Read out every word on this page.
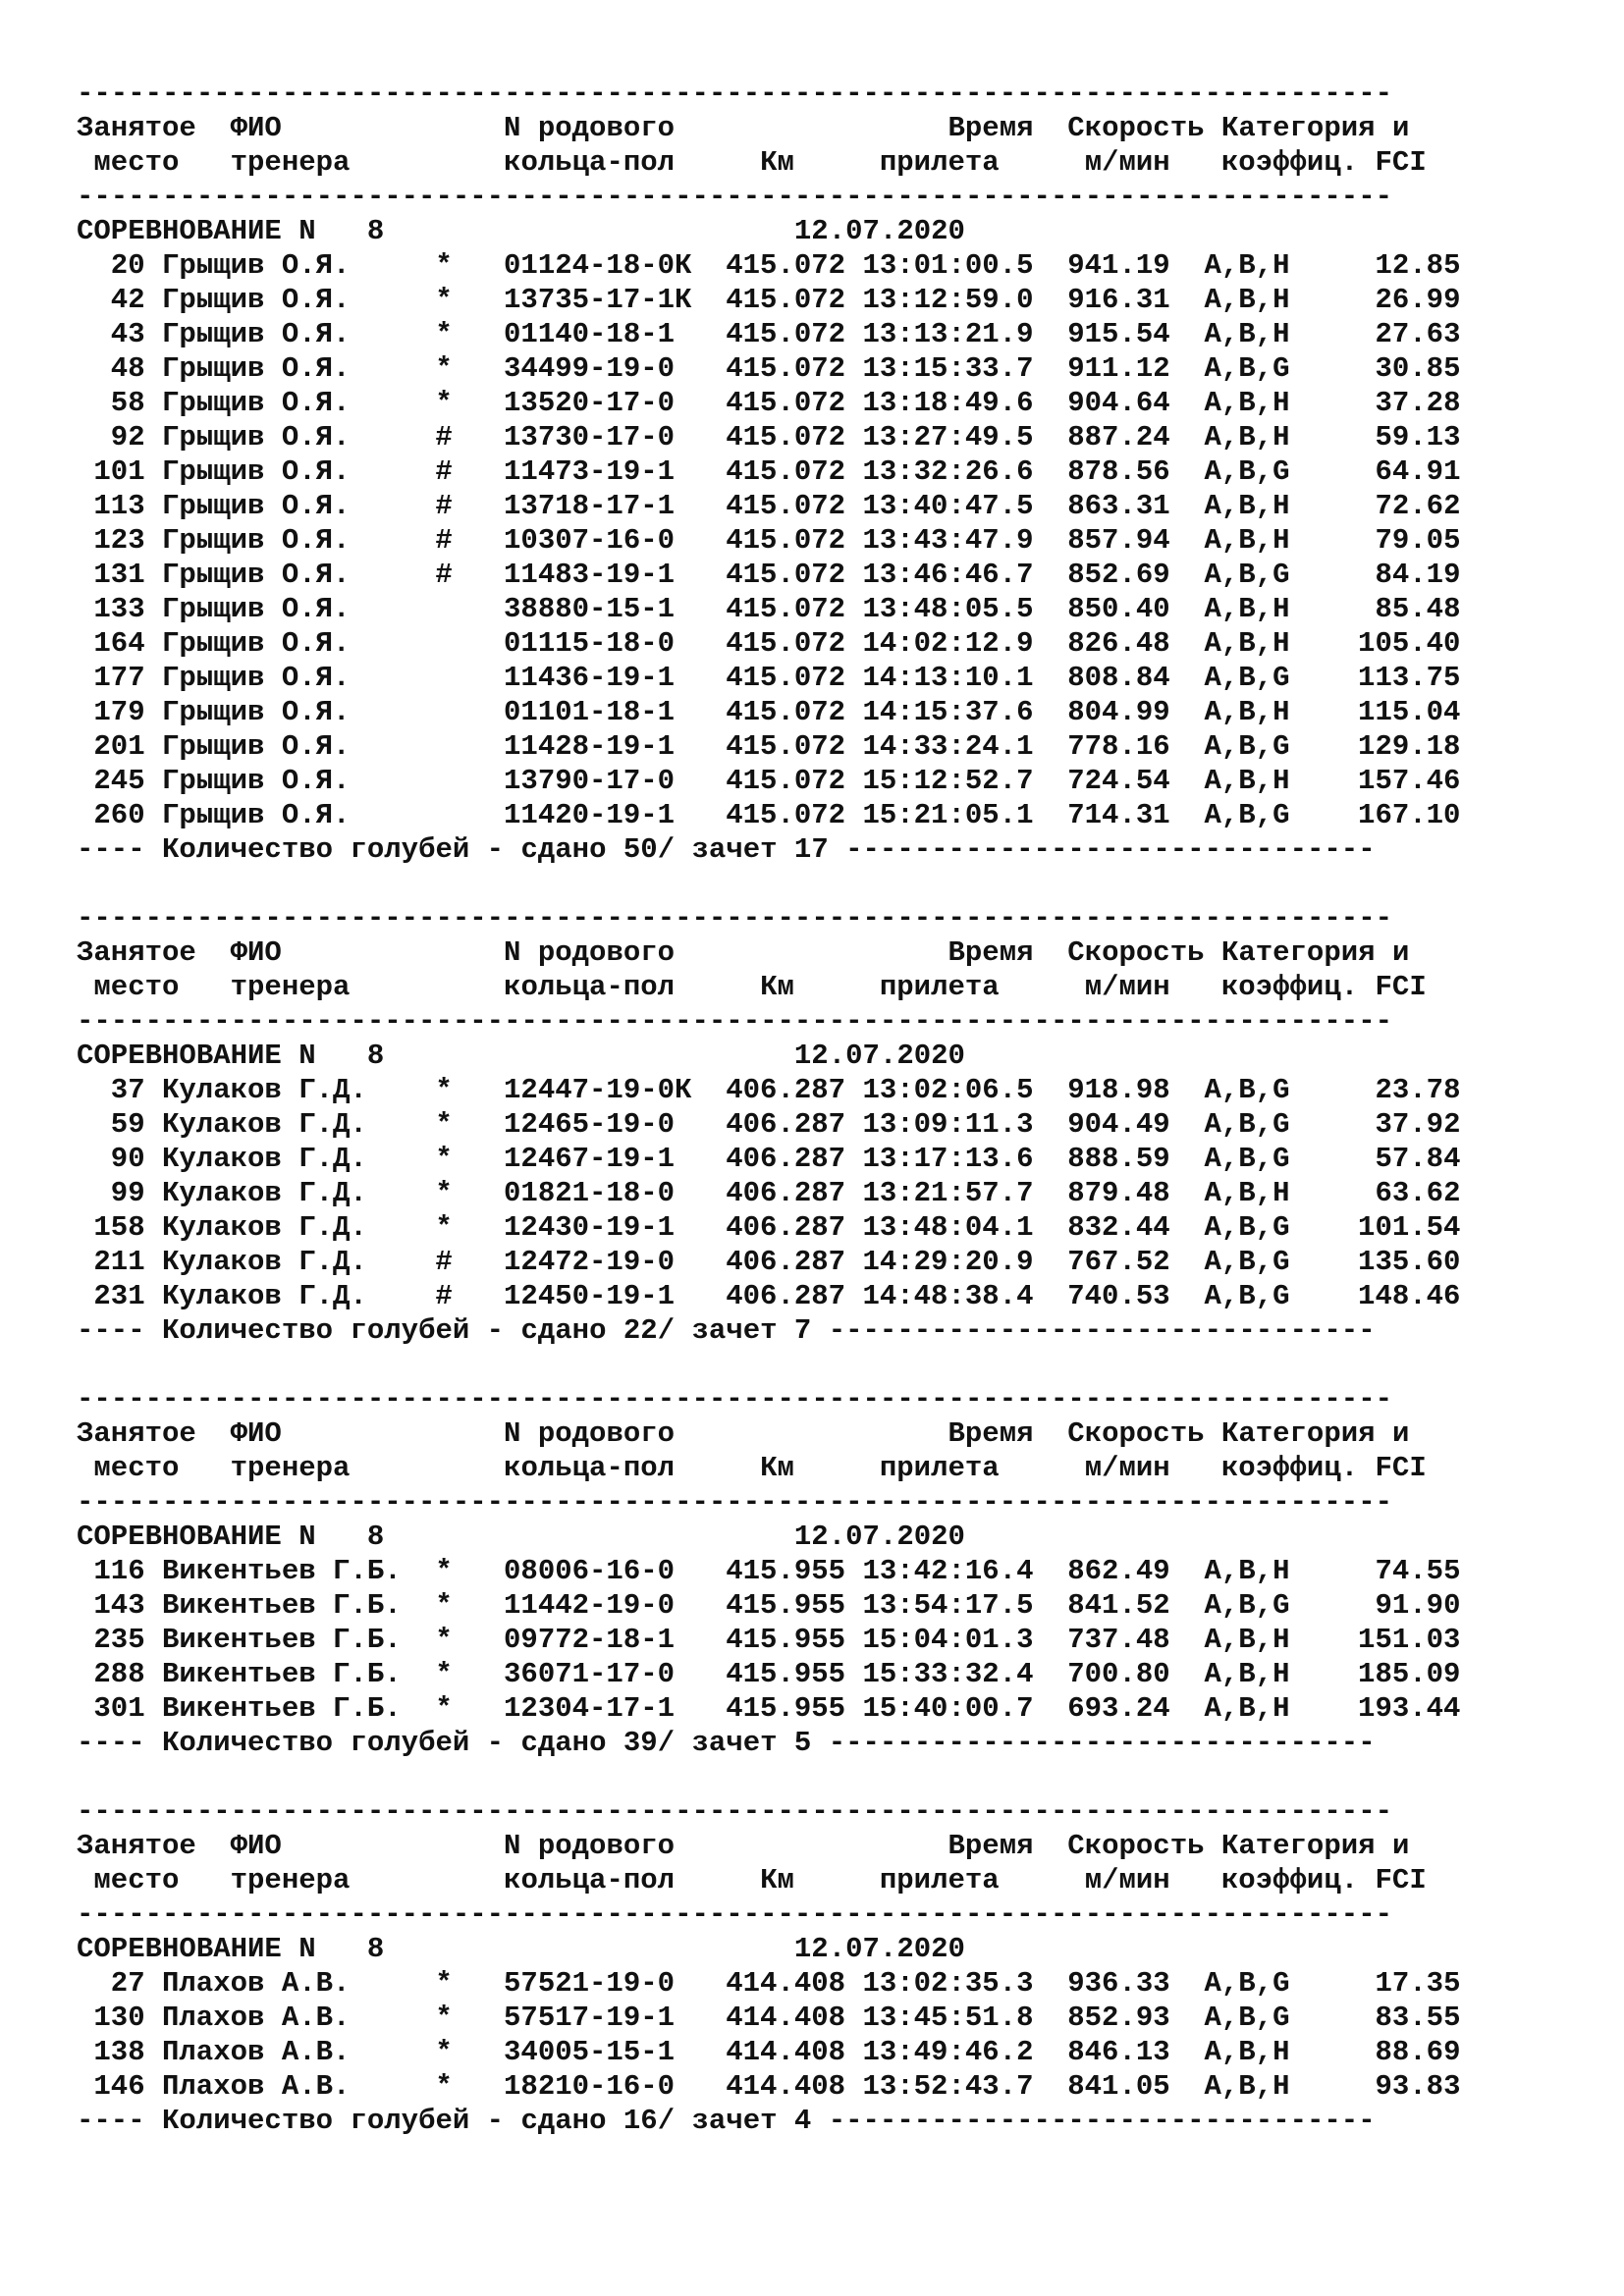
-----------------------------------------------------------------------------
Занятое ФИО	N родового	Время Скорость Категория и
место тренера	кольца-пол	Км	прилета	м/мин коэффиц. FCI
-----------------------------------------------------------------------------
СОРЕВНОВАНИЕ N   8	12.07.2020
20 Грыщив О.Я.	* 01124-18-0К 415.072 13:01:00.5 941.19 A,B,H	12.85
42 Грыщив О.Я.	* 13735-17-1К 415.072 13:12:59.0 916.31 A,B,H	26.99
43 Грыщив О.Я.	* 01140-18-1 415.072 13:13:21.9 915.54 A,B,H	27.63
48 Грыщив О.Я.	* 34499-19-0 415.072 13:15:33.7 911.12 A,B,G	30.85
58 Грыщив О.Я.	* 13520-17-0 415.072 13:18:49.6 904.64 A,B,H	37.28
92 Грыщив О.Я.	# 13730-17-0 415.072 13:27:49.5 887.24 A,B,H	59.13
101 Грыщив О.Я.	# 11473-19-1 415.072 13:32:26.6 878.56 A,B,G	64.91
113 Грыщив О.Я.	# 13718-17-1 415.072 13:40:47.5 863.31 A,B,H	72.62
123 Грыщив О.Я.	# 10307-16-0 415.072 13:43:47.9 857.94 A,B,H	79.05
131 Грыщив О.Я.	# 11483-19-1 415.072 13:46:46.7 852.69 A,B,G	84.19
133 Грыщив О.Я.	38880-15-1 415.072 13:48:05.5 850.40 A,B,H	85.48
164 Грыщив О.Я.	01115-18-0 415.072 14:02:12.9 826.48 A,B,H 105.40
177 Грыщив О.Я.	11436-19-1 415.072 14:13:10.1 808.84 A,B,G 113.75
179 Грыщив О.Я.	01101-18-1 415.072 14:15:37.6 804.99 A,B,H 115.04
201 Грыщив О.Я.	11428-19-1 415.072 14:33:24.1 778.16 A,B,G 129.18
245 Грыщив О.Я.	13790-17-0 415.072 15:12:52.7 724.54 A,B,H 157.46
260 Грыщив О.Я.	11420-19-1 415.072 15:21:05.1 714.31 A,B,G 167.10
---- Количество голубей - сдано 50/ зачет 17 -------------------------------
-----------------------------------------------------------------------------
Занятое ФИО	N родового	Время Скорость Категория и
место тренера	кольца-пол	Км	прилета	м/мин коэффиц. FCI
-----------------------------------------------------------------------------
СОРЕВНОВАНИЕ N   8	12.07.2020
37 Кулаков Г.Д. * 12447-19-0К 406.287 13:02:06.5 918.98 A,B,G	23.78
59 Кулаков Г.Д. * 12465-19-0 406.287 13:09:11.3 904.49 A,B,G	37.92
90 Кулаков Г.Д. * 12467-19-1 406.287 13:17:13.6 888.59 A,B,G	57.84
99 Кулаков Г.Д. * 01821-18-0 406.287 13:21:57.7 879.48 A,B,H	63.62
158 Кулаков Г.Д. * 12430-19-1 406.287 13:48:04.1 832.44 A,B,G 101.54
211 Кулаков Г.Д. # 12472-19-0 406.287 14:29:20.9 767.52 A,B,G 135.60
231 Кулаков Г.Д. # 12450-19-1 406.287 14:48:38.4 740.53 A,B,G 148.46
---- Количество голубей - сдано 22/ зачет 7 --------------------------------
-----------------------------------------------------------------------------
Занятое ФИО	N родового	Время Скорость Категория и
место тренера	кольца-пол	Км	прилета	м/мин коэффиц. FCI
-----------------------------------------------------------------------------
СОРЕВНОВАНИЕ N   8	12.07.2020
116 Викентьев Г.Б. * 08006-16-0 415.955 13:42:16.4 862.49 A,B,H	74.55
143 Викентьев Г.Б. * 11442-19-0 415.955 13:54:17.5 841.52 A,B,G	91.90
235 Викентьев Г.Б. * 09772-18-1 415.955 15:04:01.3 737.48 A,B,H 151.03
288 Викентьев Г.Б. * 36071-17-0 415.955 15:33:32.4 700.80 A,B,H 185.09
301 Викентьев Г.Б. * 12304-17-1 415.955 15:40:00.7 693.24 A,B,H 193.44
---- Количество голубей - сдано 39/ зачет 5 --------------------------------
-----------------------------------------------------------------------------
Занятое ФИО	N родового	Время Скорость Категория и
место тренера	кольца-пол	Км	прилета	м/мин коэффиц. FCI
-----------------------------------------------------------------------------
СОРЕВНОВАНИЕ N   8	12.07.2020
27 Плахов А.В.	* 57521-19-0 414.408 13:02:35.3 936.33 A,B,G	17.35
130 Плахов А.В.	* 57517-19-1 414.408 13:45:51.8 852.93 A,B,G	83.55
138 Плахов А.В.	* 34005-15-1 414.408 13:49:46.2 846.13 A,B,H	88.69
146 Плахов А.В.	* 18210-16-0 414.408 13:52:43.7 841.05 A,B,H	93.83
---- Количество голубей - сдано 16/ зачет 4 --------------------------------
